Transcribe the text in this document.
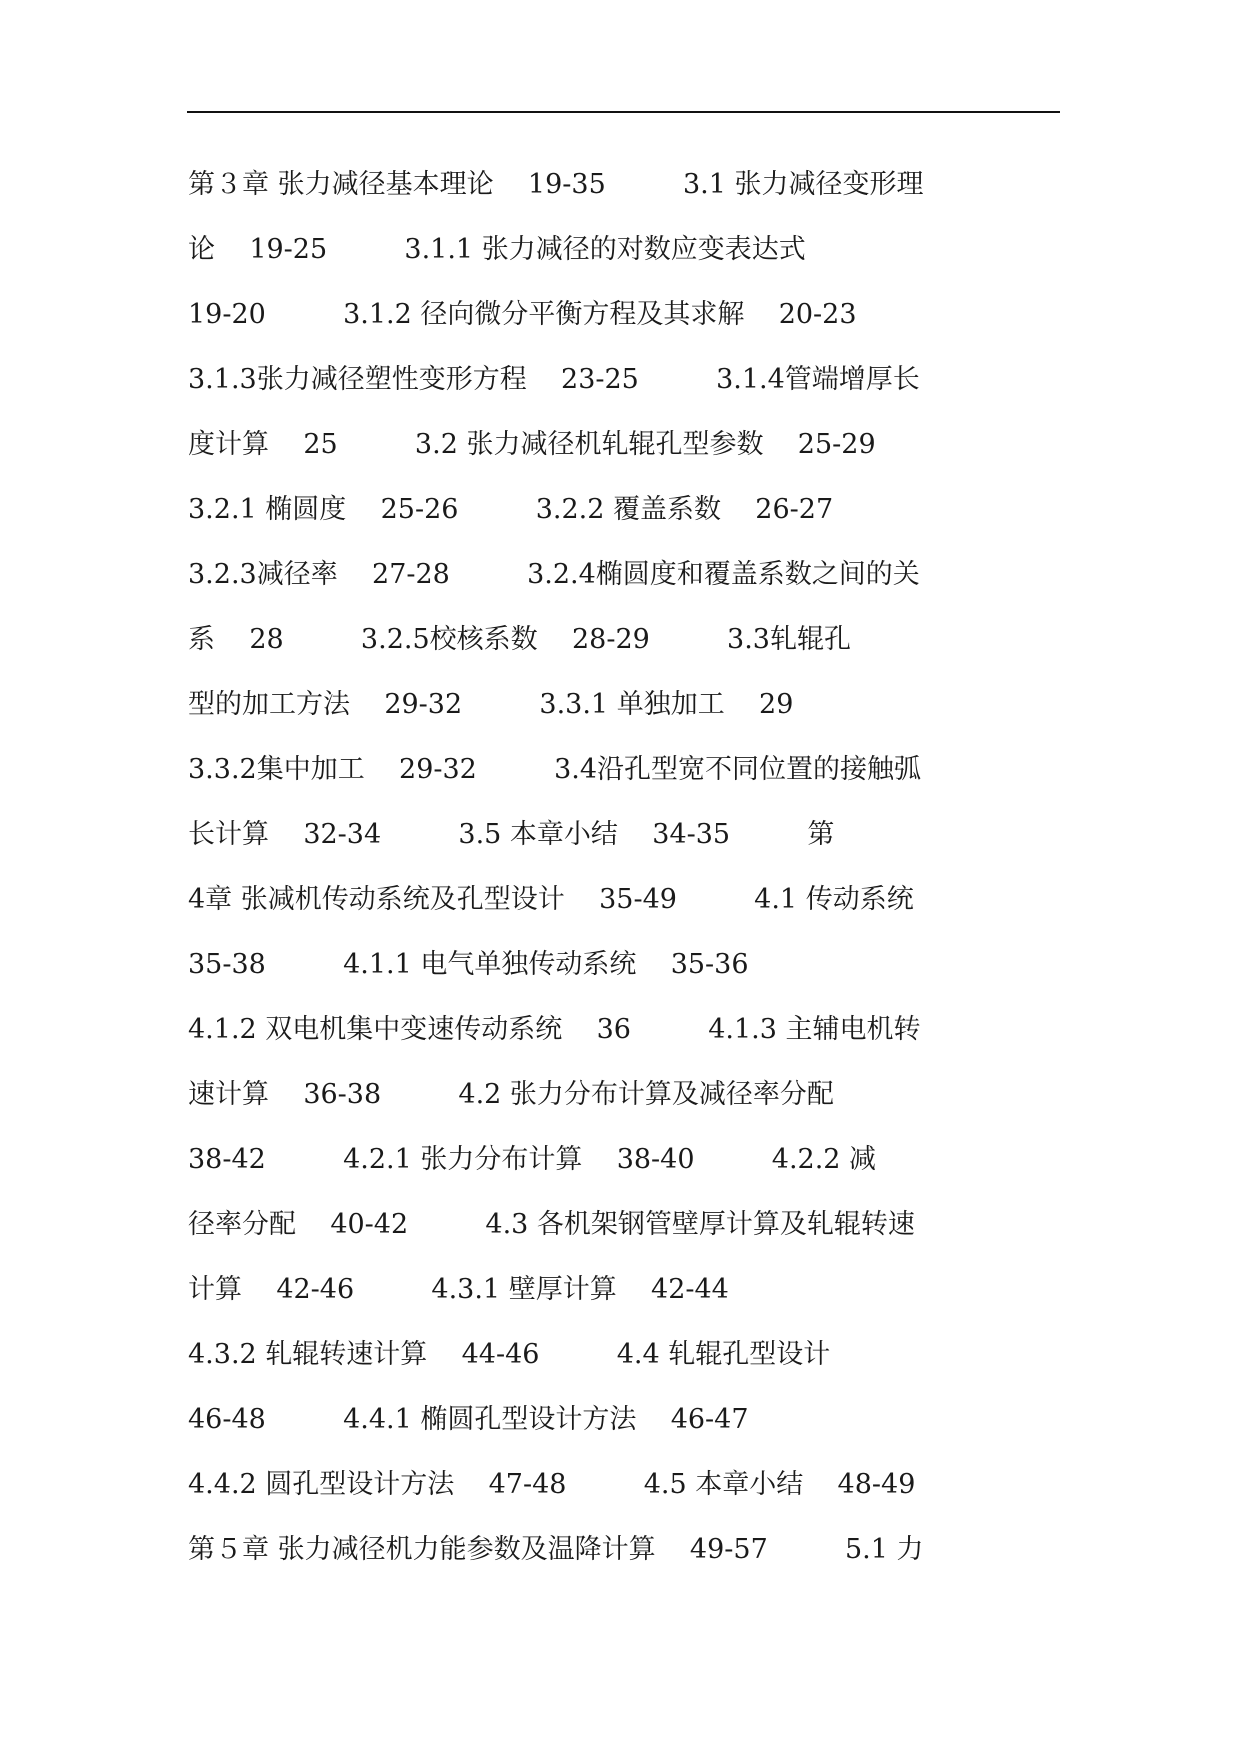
第３章 张力减径基本理论    19-35         3.1 张力减径变形理
论    19-25         3.1.1 张力减径的对数应变表达式
19-20         3.1.2 径向微分平衡方程及其求解    20-23
3.1.3张力减径塑性变形方程    23-25         3.1.4管端增厚长
度计算    25         3.2 张力减径机轧辊孔型参数    25-29
3.2.1 椭圆度    25-26         3.2.2 覆盖系数    26-27
3.2.3减径率    27-28         3.2.4椭圆度和覆盖系数之间的关
系    28         3.2.5校核系数    28-29         3.3轧辊孔
型的加工方法    29-32         3.3.1 单独加工    29
3.3.2集中加工    29-32         3.4沿孔型宽不同位置的接触弧
长计算    32-34         3.5 本章小结    34-35         第
4章 张减机传动系统及孔型设计    35-49         4.1 传动系统
35-38         4.1.1 电气单独传动系统    35-36
4.1.2 双电机集中变速传动系统    36         4.1.3 主辅电机转
速计算    36-38         4.2 张力分布计算及减径率分配
38-42         4.2.1 张力分布计算    38-40         4.2.2 减
径率分配    40-42         4.3 各机架钢管壁厚计算及轧辊转速
计算    42-46         4.3.1 壁厚计算    42-44
4.3.2 轧辊转速计算    44-46         4.4 轧辊孔型设计
46-48         4.4.1 椭圆孔型设计方法    46-47
4.4.2 圆孔型设计方法    47-48         4.5 本章小结    48-49
第５章 张力减径机力能参数及温降计算    49-57         5.1 力
